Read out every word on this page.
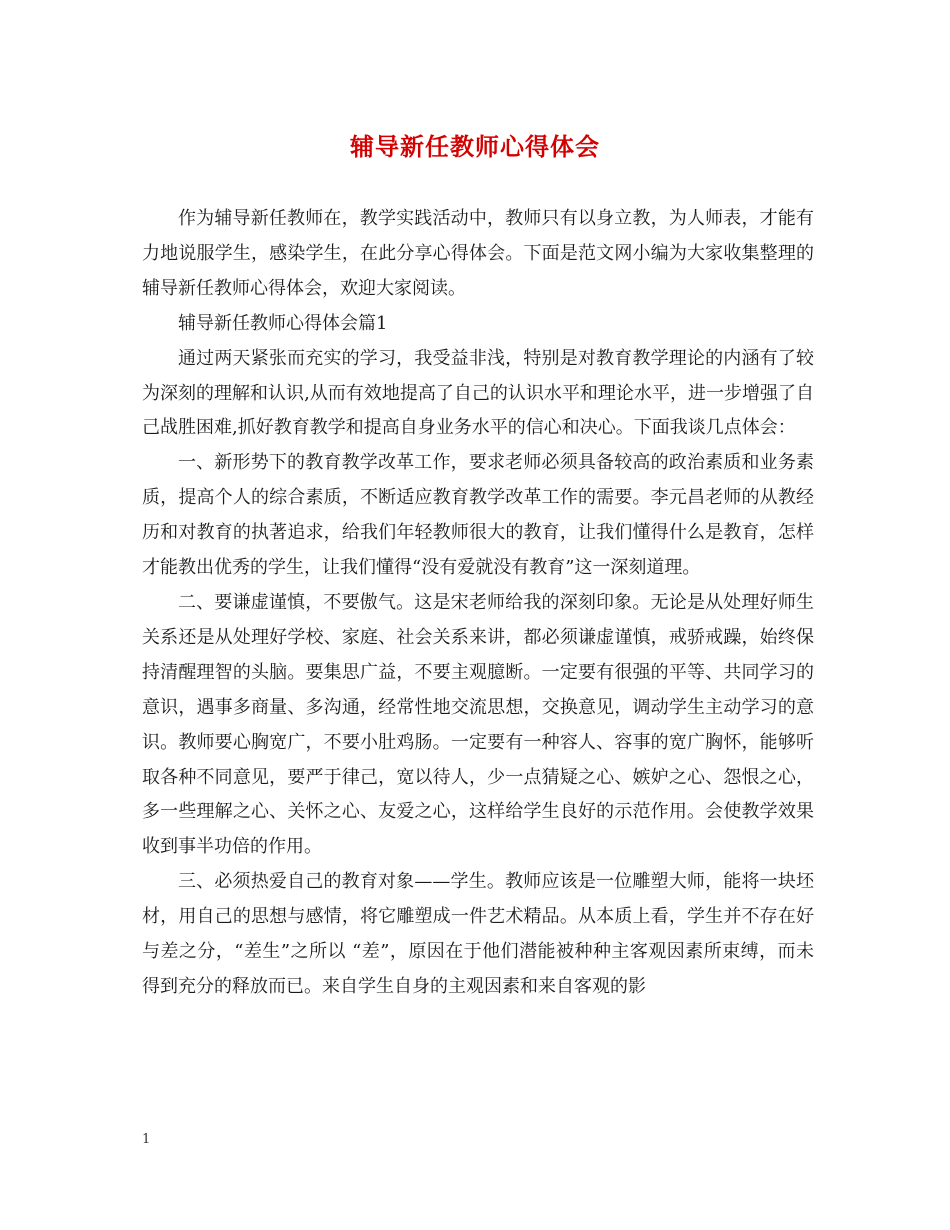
辅导新任教师心得体会

作为辅导新任教师在，教学实践活动中，教师只有以身立教，为人师表，才能有力地说服学生，感染学生，在此分享心得体会。下面是范文网小编为大家收集整理的辅导新任教师心得体会，欢迎大家阅读。

辅导新任教师心得体会篇1

通过两天紧张而充实的学习，我受益非浅，特别是对教育教学理论的内涵有了较为深刻的理解和认识,从而有效地提高了自己的认识水平和理论水平，进一步增强了自己战胜困难,抓好教育教学和提高自身业务水平的信心和决心。下面我谈几点体会：

一、新形势下的教育教学改革工作，要求老师必须具备较高的政治素质和业务素质，提高个人的综合素质，不断适应教育教学改革工作的需要。李元昌老师的从教经历和对教育的执著追求，给我们年轻教师很大的教育，让我们懂得什么是教育，怎样才能教出优秀的学生，让我们懂得“没有爱就没有教育”这一深刻道理。

二、要谦虚谨慎，不要傲气。这是宋老师给我的深刻印象。无论是从处理好师生关系还是从处理好学校、家庭、社会关系来讲，都必须谦虚谨慎，戒骄戒躁，始终保持清醒理智的头脑。要集思广益，不要主观臆断。一定要有很强的平等、共同学习的意识，遇事多商量、多沟通，经常性地交流思想，交换意见，调动学生主动学习的意识。教师要心胸宽广，不要小肚鸡肠。一定要有一种容人、容事的宽广胸怀，能够听取各种不同意见，要严于律己，宽以待人，少一点猜疑之心、嫉妒之心、怨恨之心，多一些理解之心、关怀之心、友爱之心，这样给学生良好的示范作用。会使教学效果收到事半功倍的作用。

三、必须热爱自己的教育对象——学生。教师应该是一位雕塑大师，能将一块坯材，用自己的思想与感情，将它雕塑成一件艺术精品。从本质上看，学生并不存在好与差之分，“差生”之所以 “差”，原因在于他们潜能被种种主客观因素所束缚，而未得到充分的释放而已。来自学生自身的主观因素和来自客观的影

1
